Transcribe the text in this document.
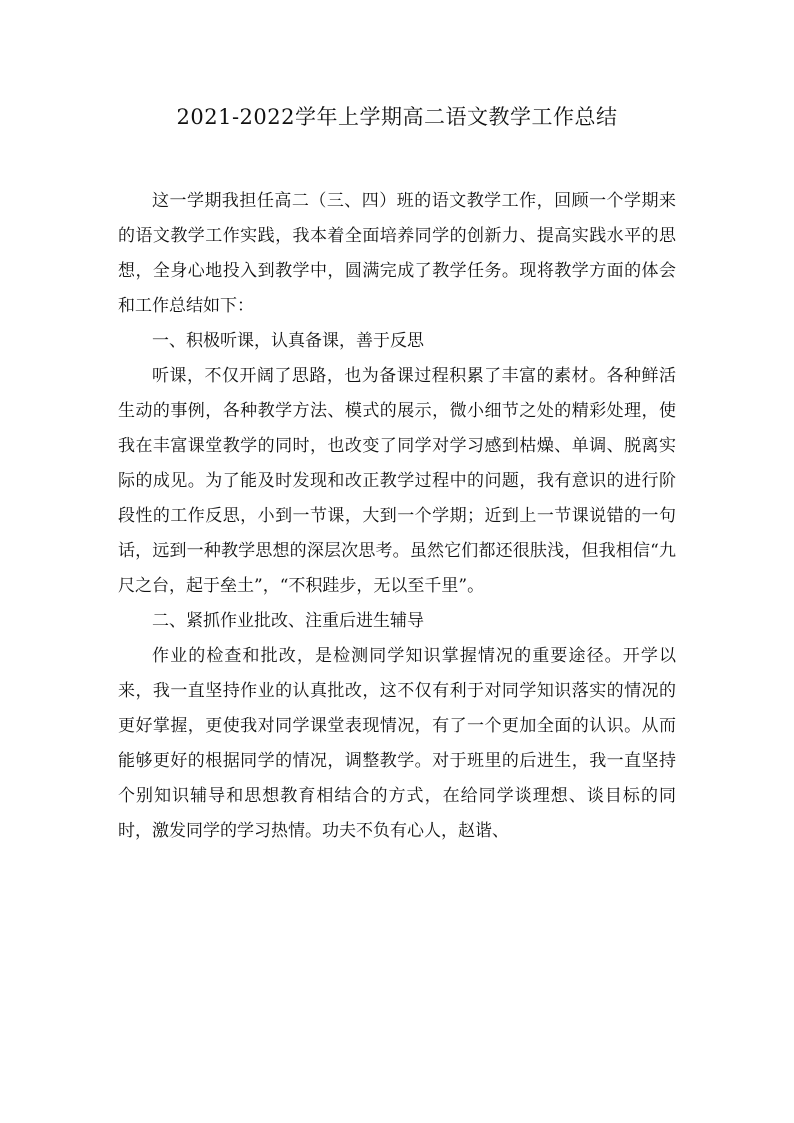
2021-2022学年上学期高二语文教学工作总结

这一学期我担任高二（三、四）班的语文教学工作，回顾一个学期来的语文教学工作实践，我本着全面培养同学的创新力、提高实践水平的思想，全身心地投入到教学中，圆满完成了教学任务。现将教学方面的体会和工作总结如下：

一、积极听课，认真备课，善于反思

听课，不仅开阔了思路，也为备课过程积累了丰富的素材。各种鲜活生动的事例，各种教学方法、模式的展示，微小细节之处的精彩处理，使我在丰富课堂教学的同时，也改变了同学对学习感到枯燥、单调、脱离实际的成见。为了能及时发现和改正教学过程中的问题，我有意识的进行阶段性的工作反思，小到一节课，大到一个学期；近到上一节课说错的一句话，远到一种教学思想的深层次思考。虽然它们都还很肤浅，但我相信“九尺之台，起于垒土”，“不积跬步，无以至千里”。

二、紧抓作业批改、注重后进生辅导

作业的检查和批改，是检测同学知识掌握情况的重要途径。开学以来，我一直坚持作业的认真批改，这不仅有利于对同学知识落实的情况的更好掌握，更使我对同学课堂表现情况，有了一个更加全面的认识。从而能够更好的根据同学的情况，调整教学。对于班里的后进生，我一直坚持个别知识辅导和思想教育相结合的方式，在给同学谈理想、谈目标的同时，激发同学的学习热情。功夫不负有心人，赵谐、
